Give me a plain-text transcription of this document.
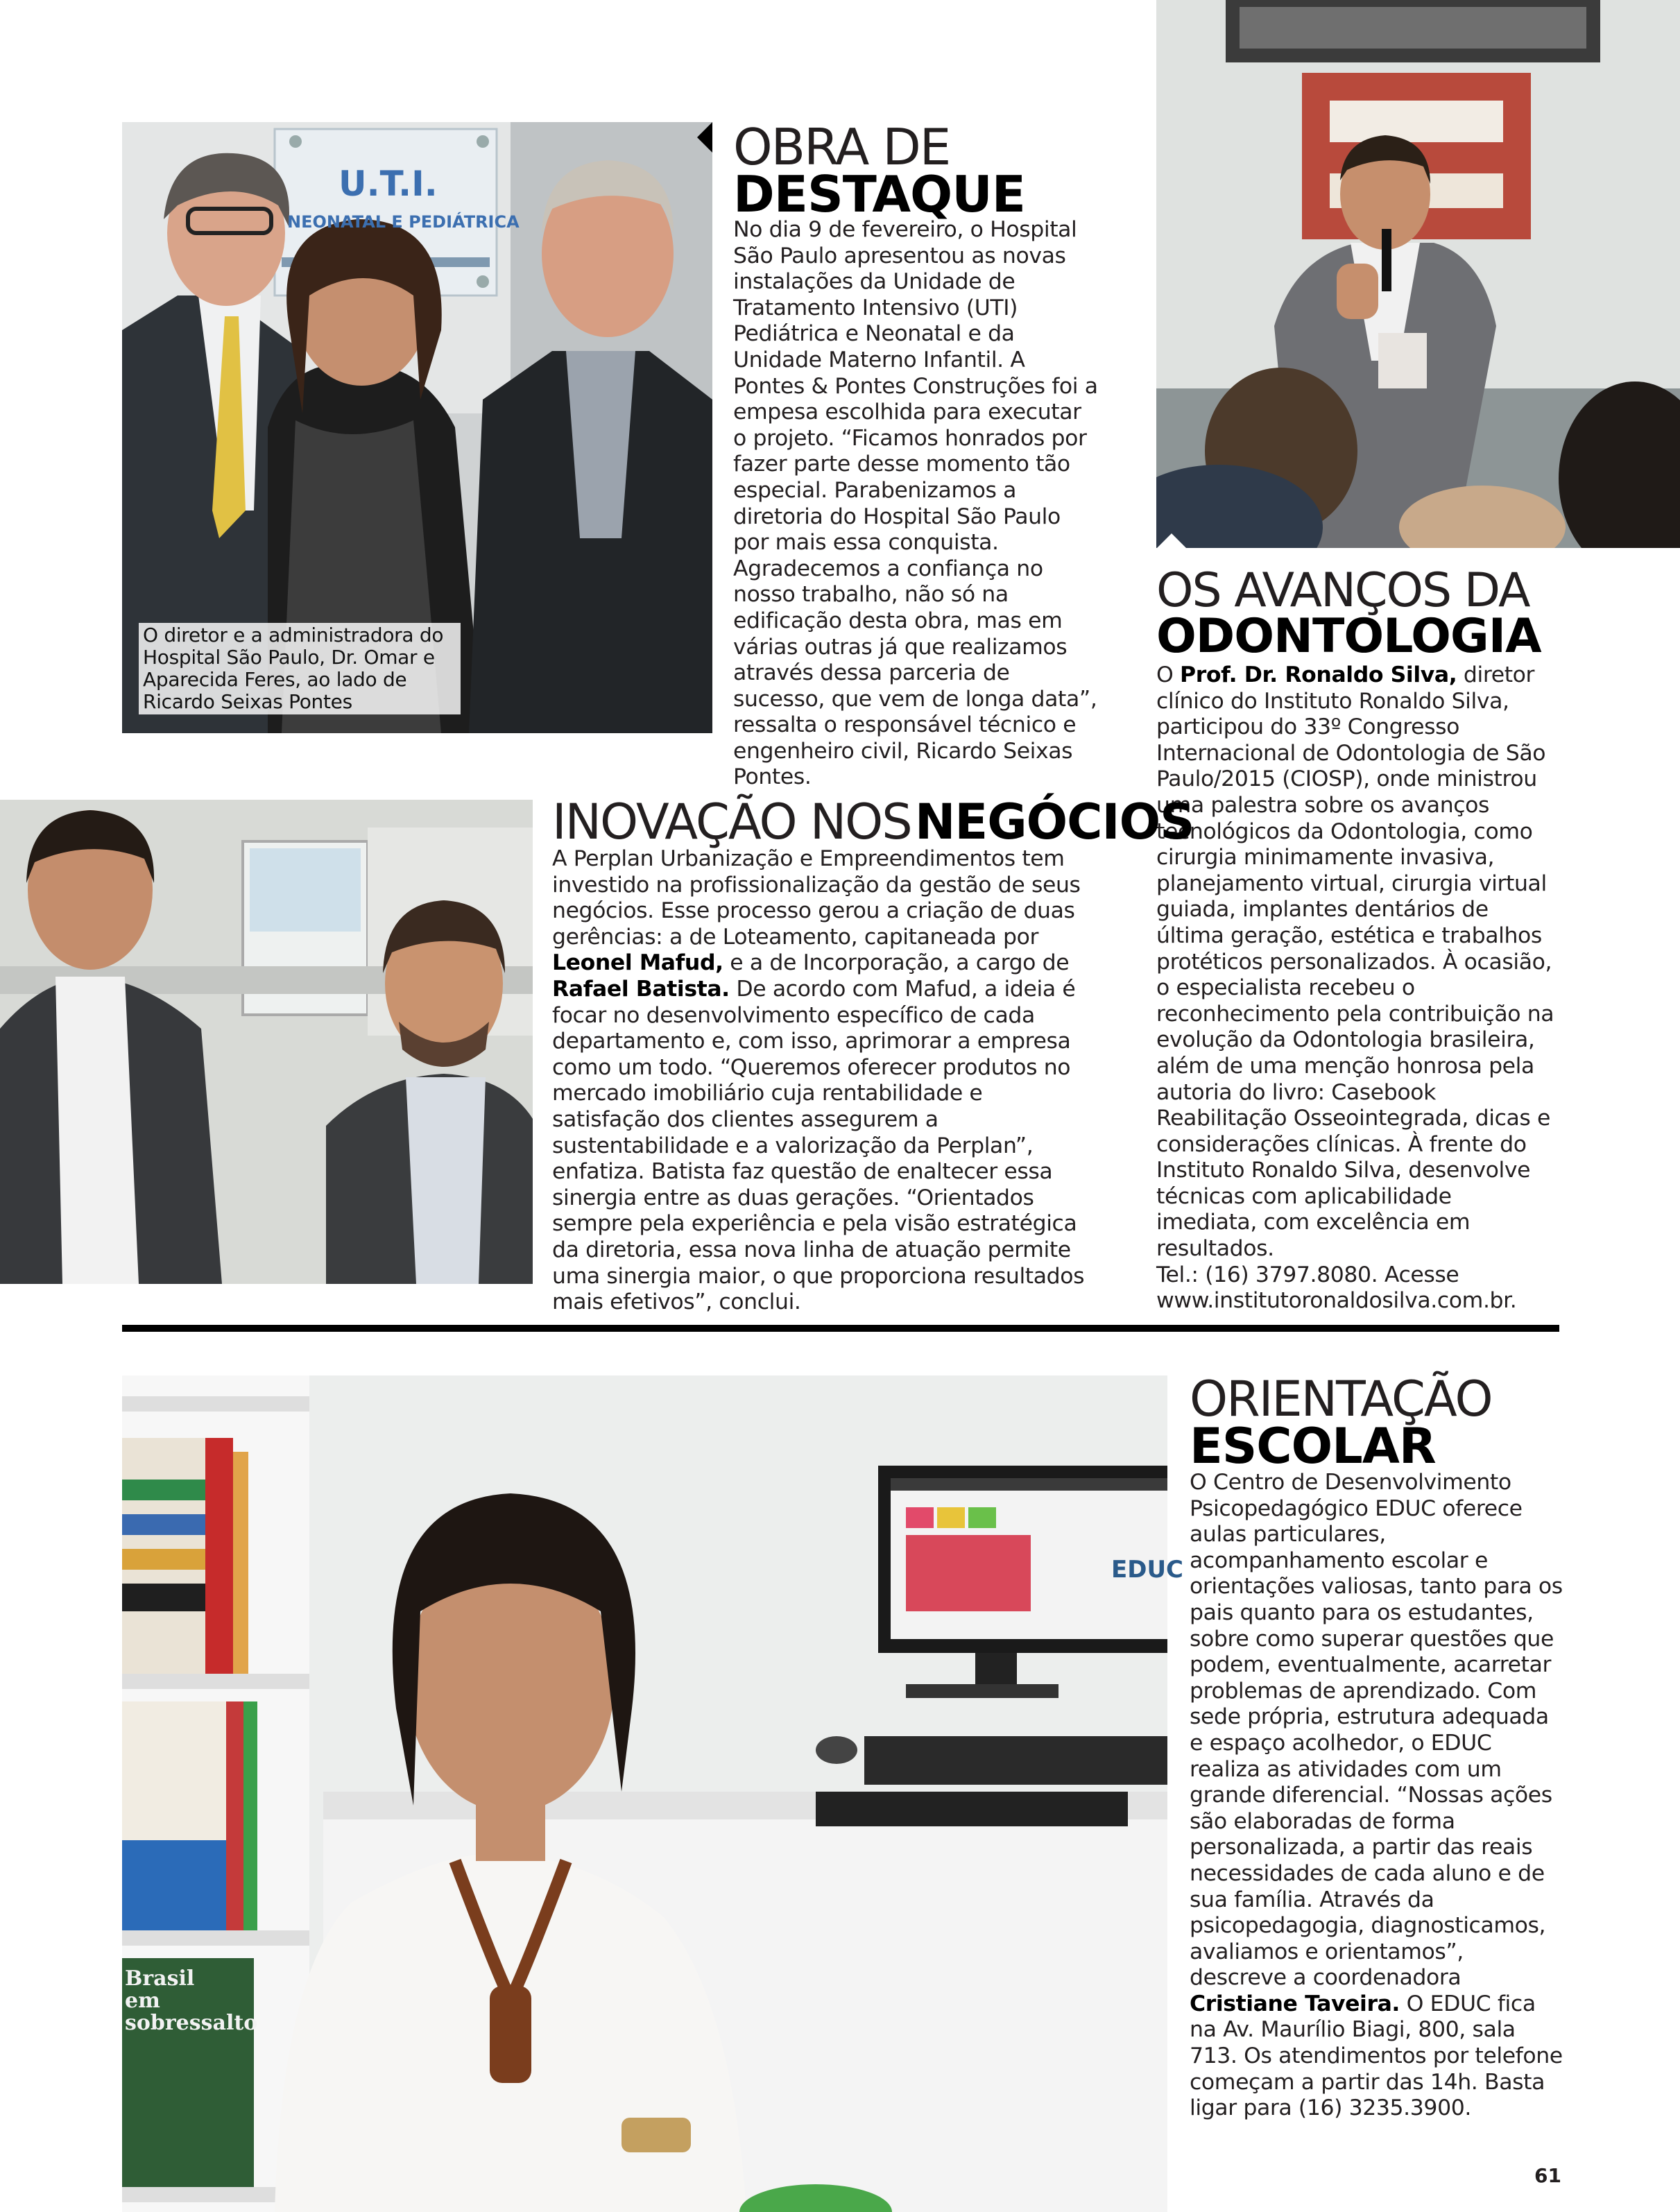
U.T.I.
NEONATAL E PEDIÁTRICA
O diretor e a administradora do Hospital São Paulo, Dr. Omar e Aparecida Feres, ao lado de Ricardo Seixas Pontes
OBRA DE
DESTAQUE

No dia 9 de fevereiro, o Hospital São Paulo apresentou as novas instalações da Unidade de Tratamento Intensivo (UTI) Pediátrica e Neonatal e da Unidade Materno Infantil. A Pontes & Pontes Construções foi a empesa escolhida para executar o projeto. “Ficamos honrados por fazer parte desse momento tão especial. Parabenizamos a diretoria do Hospital São Paulo por mais essa conquista. Agradecemos a confiança no nosso trabalho, não só na edificação desta obra, mas em várias outras já que realizamos através dessa parceria de sucesso, que vem de longa data”, ressalta o responsável técnico e engenheiro civil, Ricardo Seixas Pontes.

OS AVANÇOS DA
ODONTOLOGIA

O Prof. Dr. Ronaldo Silva, diretor clínico do Instituto Ronaldo Silva, participou do 33º Congresso Internacional de Odontologia de São Paulo/2015 (CIOSP), onde ministrou uma palestra sobre os avanços tecnológicos da Odontologia, como cirurgia minimamente invasiva, planejamento virtual, cirurgia virtual guiada, implantes dentários de última geração, estética e trabalhos protéticos personalizados. À ocasião, o especialista recebeu o reconhecimento pela contribuição na evolução da Odontologia brasileira, além de uma menção honrosa pela autoria do livro: Casebook Reabilitação Osseointegrada, dicas e considerações clínicas. À frente do Instituto Ronaldo Silva, desenvolve técnicas com aplicabilidade imediata, com excelência em resultados.

Tel.: (16) 3797.8080. Acesse

www.institutoronaldosilva.com.br.

INOVAÇÃO NOS NEGÓCIOS

A Perplan Urbanização e Empreendimentos tem investido na profissionalização da gestão de seus negócios. Esse processo gerou a criação de duas gerências: a de Loteamento, capitaneada por Leonel Mafud, e a de Incorporação, a cargo de Rafael Batista. De acordo com Mafud, a ideia é focar no desenvolvimento específico de cada departamento e, com isso, aprimorar a empresa como um todo. “Queremos oferecer produtos no mercado imobiliário cuja rentabilidade e satisfação dos clientes assegurem a sustentabilidade e a valorização da Perplan”, enfatiza. Batista faz questão de enaltecer essa sinergia entre as duas gerações. “Orientados sempre pela experiência e pela visão estratégica da diretoria, essa nova linha de atuação permite uma sinergia maior, o que proporciona resultados mais efetivos”, conclui.

EDUC
Brasil em sobressalto
ORIENTAÇÃO
ESCOLAR

O Centro de Desenvolvimento Psicopedagógico EDUC oferece aulas particulares, acompanhamento escolar e orientações valiosas, tanto para os pais quanto para os estudantes, sobre como superar questões que podem, eventualmente, acarretar problemas de aprendizado. Com sede própria, estrutura adequada e espaço acolhedor, o EDUC realiza as atividades com um grande diferencial. “Nossas ações são elaboradas de forma personalizada, a partir das reais necessidades de cada aluno e de sua família. Através da psicopedagogia, diagnosticamos, avaliamos e orientamos”, descreve a coordenadora Cristiane Taveira. O EDUC fica na Av. Maurílio Biagi, 800, sala 713. Os atendimentos por telefone começam a partir das 14h. Basta ligar para (16) 3235.3900.

61
